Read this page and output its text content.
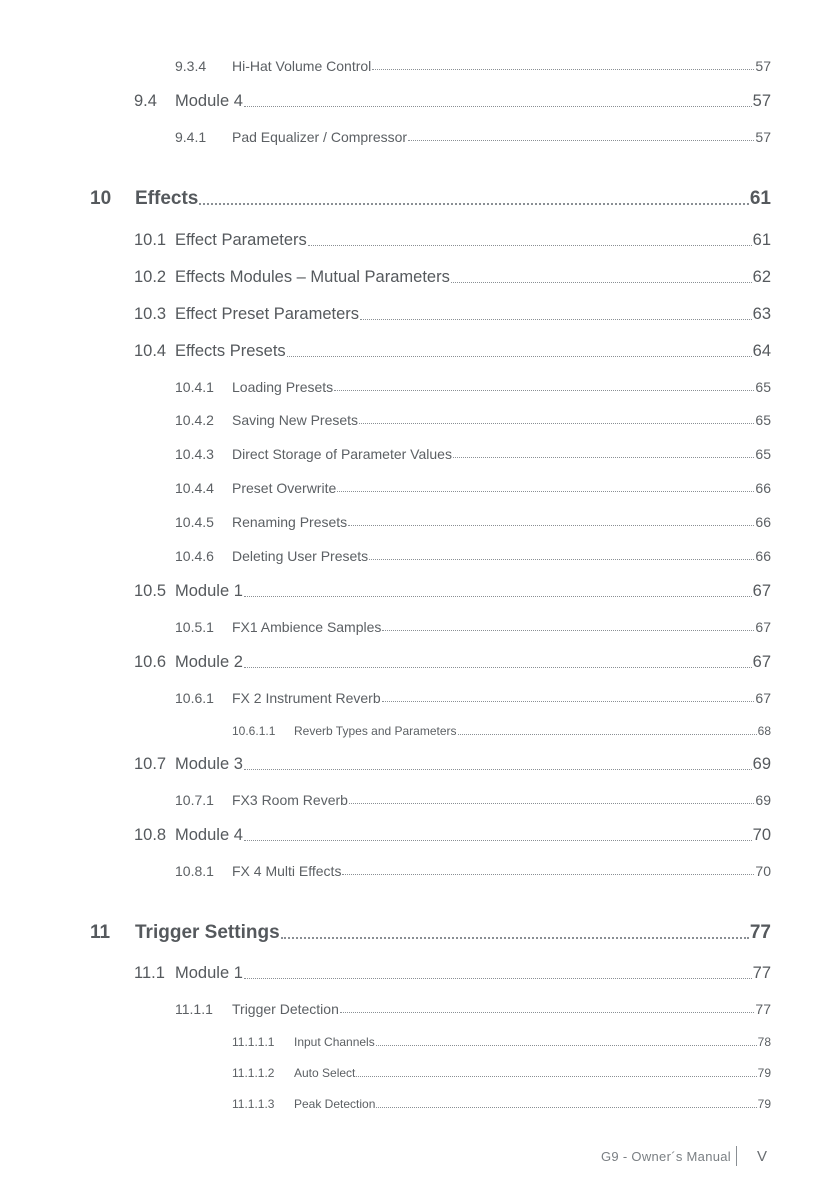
9.3.4	Hi-Hat Volume Control	57
9.4	Module 4	57
9.4.1	Pad Equalizer / Compressor	57
10	Effects	61
10.1 Effect Parameters	61
10.2 Effects Modules – Mutual Parameters	62
10.3 Effect Preset Parameters	63
10.4 Effects Presets	64
10.4.1	Loading Presets	65
10.4.2	Saving New Presets	65
10.4.3	Direct Storage of Parameter Values	65
10.4.4	Preset Overwrite	66
10.4.5	Renaming Presets	66
10.4.6	Deleting User Presets	66
10.5 Module 1	67
10.5.1	FX1 Ambience Samples	67
10.6 Module 2	67
10.6.1	FX 2 Instrument Reverb	67
10.6.1.1	Reverb Types and Parameters	68
10.7 Module 3	69
10.7.1	FX3 Room Reverb	69
10.8 Module 4	70
10.8.1	FX 4 Multi Effects	70
11	Trigger Settings	77
11.1 Module 1	77
11.1.1	Trigger Detection	77
11.1.1.1	Input Channels	78
11.1.1.2	Auto Select	79
11.1.1.3	Peak Detection	79
G9 - Owner´s Manual V
